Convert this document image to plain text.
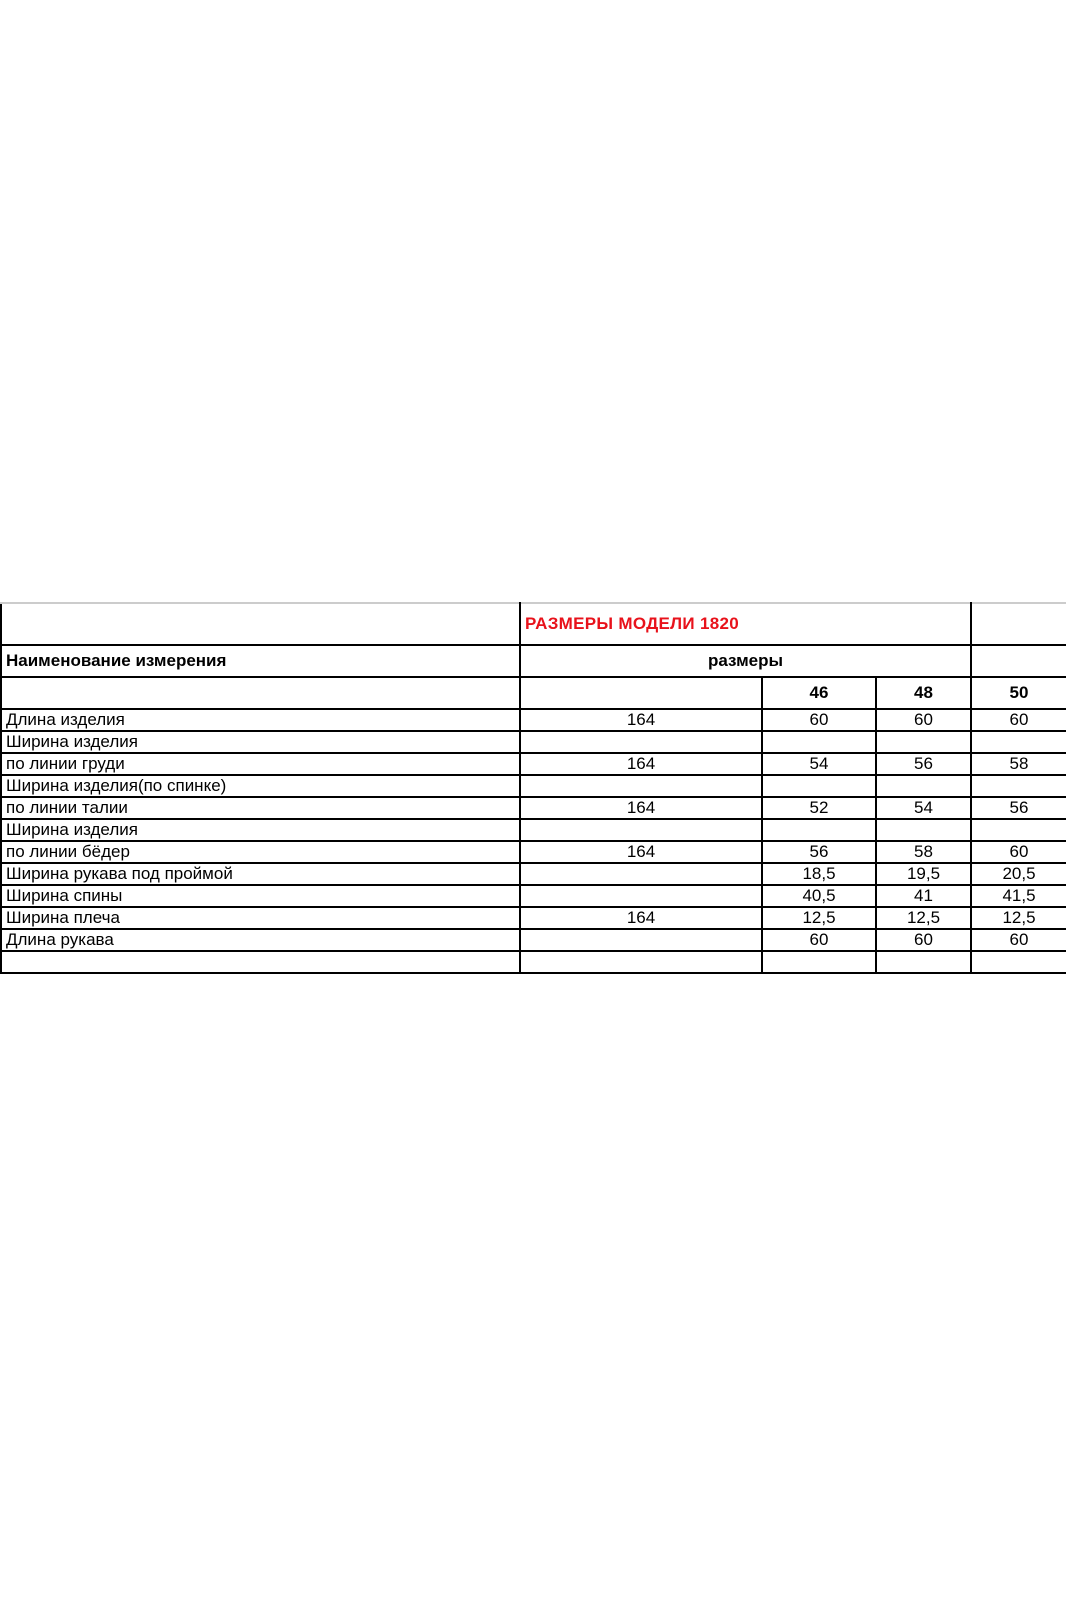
	РАЗМЕРЫ МОДЕЛИ 1820			
Наименование измерения	размеры			
		46	48	50
Длина изделия	164	60	60	60
Ширина изделия				
по линии груди	164	54	56	58
Ширина изделия(по спинке)				
по линии талии	164	52	54	56
Ширина изделия				
по линии бёдер	164	56	58	60
Ширина рукава под проймой		18,5	19,5	20,5
Ширина спины		40,5	41	41,5
Ширина плеча	164	12,5	12,5	12,5
Длина рукава		60	60	60
